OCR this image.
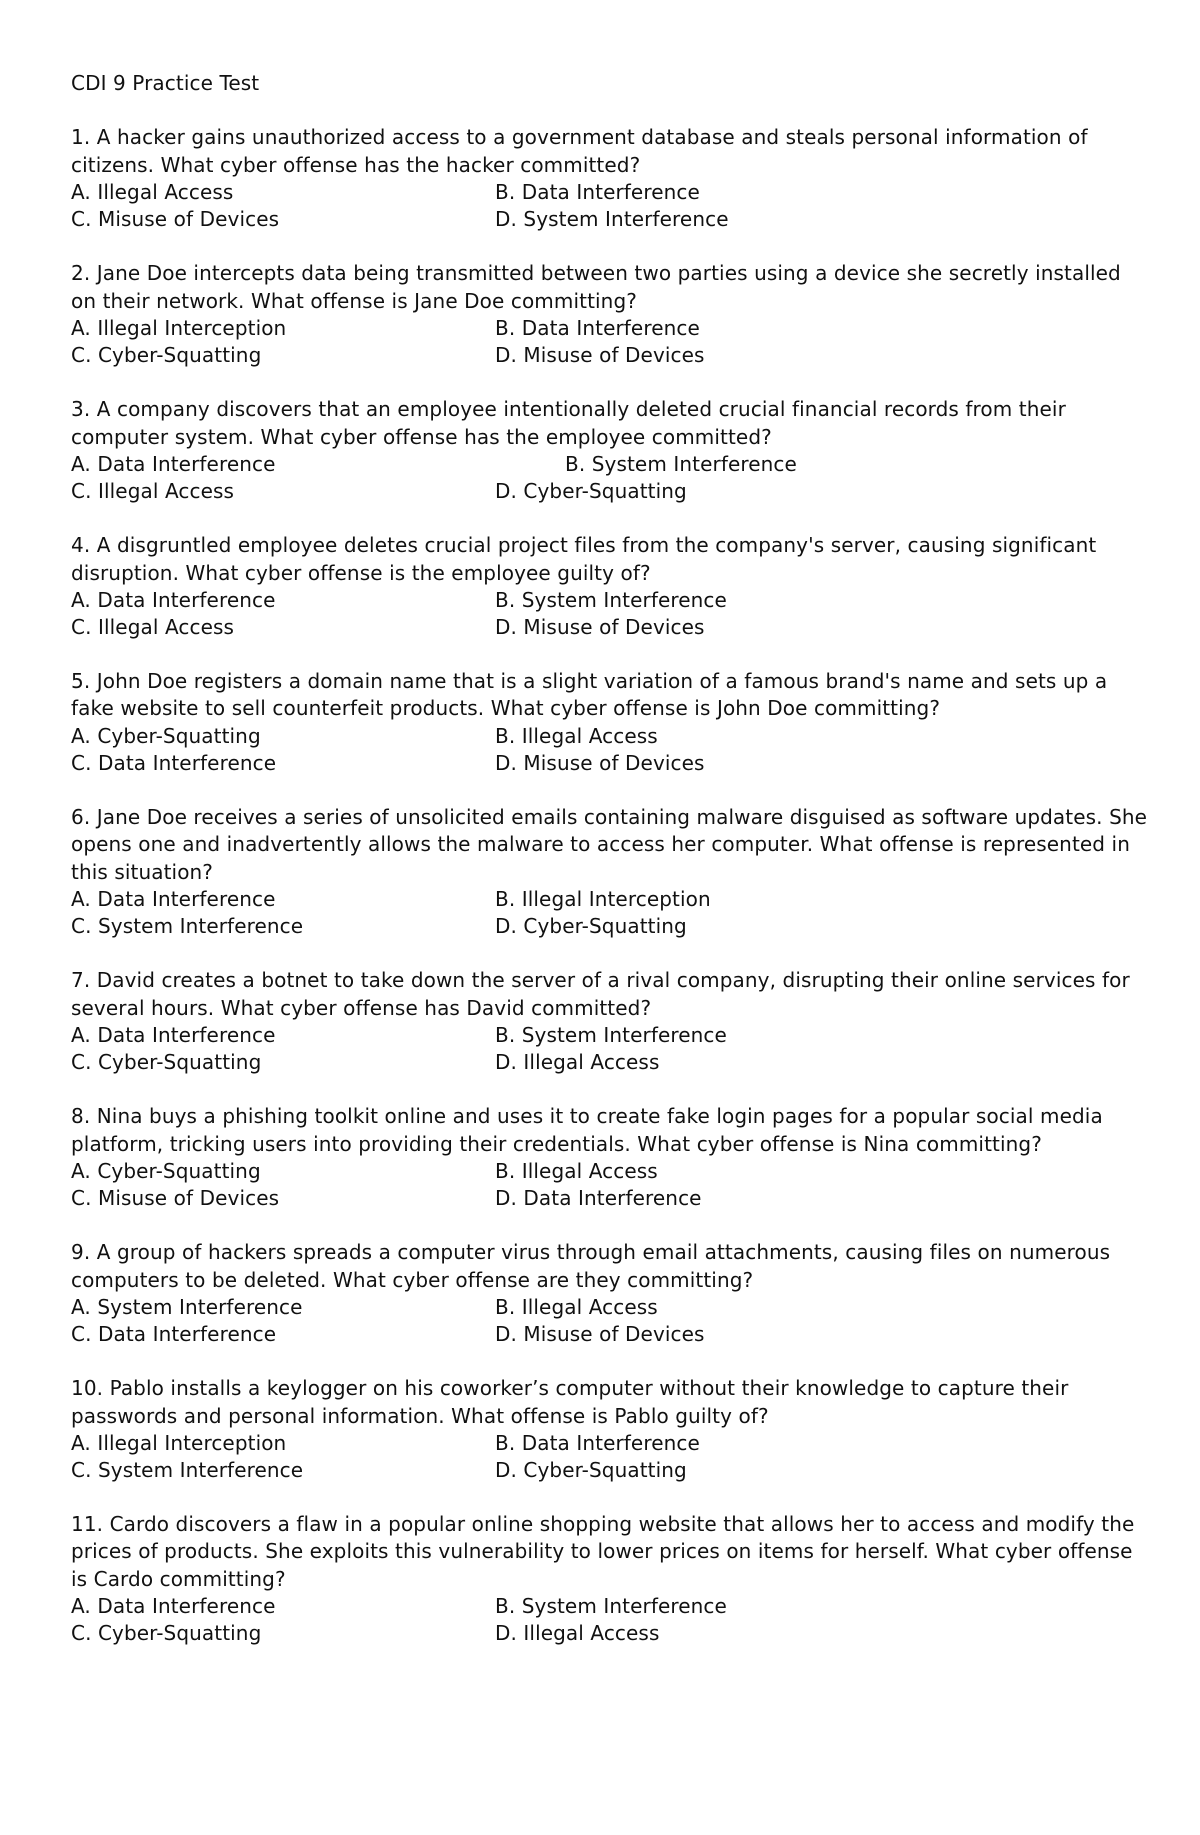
CDI 9 Practice Test
1. A hacker gains unauthorized access to a government database and steals personal information of citizens. What cyber offense has the hacker committed?
A. Illegal Access	B. Data Interference
C. Misuse of Devices	D. System Interference
2. Jane Doe intercepts data being transmitted between two parties using a device she secretly installed on their network. What offense is Jane Doe committing?
A. Illegal Interception	B. Data Interference
C. Cyber-Squatting	D. Misuse of Devices
3. A company discovers that an employee intentionally deleted crucial financial records from their computer system. What cyber offense has the employee committed?
A. Data Interference	B. System Interference
C. Illegal Access	D. Cyber-Squatting
4. A disgruntled employee deletes crucial project files from the company's server, causing significant disruption. What cyber offense is the employee guilty of?
A. Data Interference	B. System Interference
C. Illegal Access	D. Misuse of Devices
5. John Doe registers a domain name that is a slight variation of a famous brand's name and sets up a fake website to sell counterfeit products. What cyber offense is John Doe committing?
A. Cyber-Squatting	B. Illegal Access
C. Data Interference	D. Misuse of Devices
6. Jane Doe receives a series of unsolicited emails containing malware disguised as software updates. She opens one and inadvertently allows the malware to access her computer. What offense is represented in this situation?
A. Data Interference	B. Illegal Interception
C. System Interference	D. Cyber-Squatting
7. David creates a botnet to take down the server of a rival company, disrupting their online services for several hours. What cyber offense has David committed?
A. Data Interference	B. System Interference
C. Cyber-Squatting	D. Illegal Access
8. Nina buys a phishing toolkit online and uses it to create fake login pages for a popular social media platform, tricking users into providing their credentials. What cyber offense is Nina committing?
A. Cyber-Squatting	B. Illegal Access
C. Misuse of Devices	D. Data Interference
9. A group of hackers spreads a computer virus through email attachments, causing files on numerous computers to be deleted. What cyber offense are they committing?
A. System Interference	B. Illegal Access
C. Data Interference	D. Misuse of Devices
10. Pablo installs a keylogger on his coworker’s computer without their knowledge to capture their passwords and personal information. What offense is Pablo guilty of?
A. Illegal Interception	B. Data Interference
C. System Interference	D. Cyber-Squatting
11. Cardo discovers a flaw in a popular online shopping website that allows her to access and modify the prices of products. She exploits this vulnerability to lower prices on items for herself. What cyber offense is Cardo committing?
A. Data Interference	B. System Interference
C. Cyber-Squatting	D. Illegal Access
